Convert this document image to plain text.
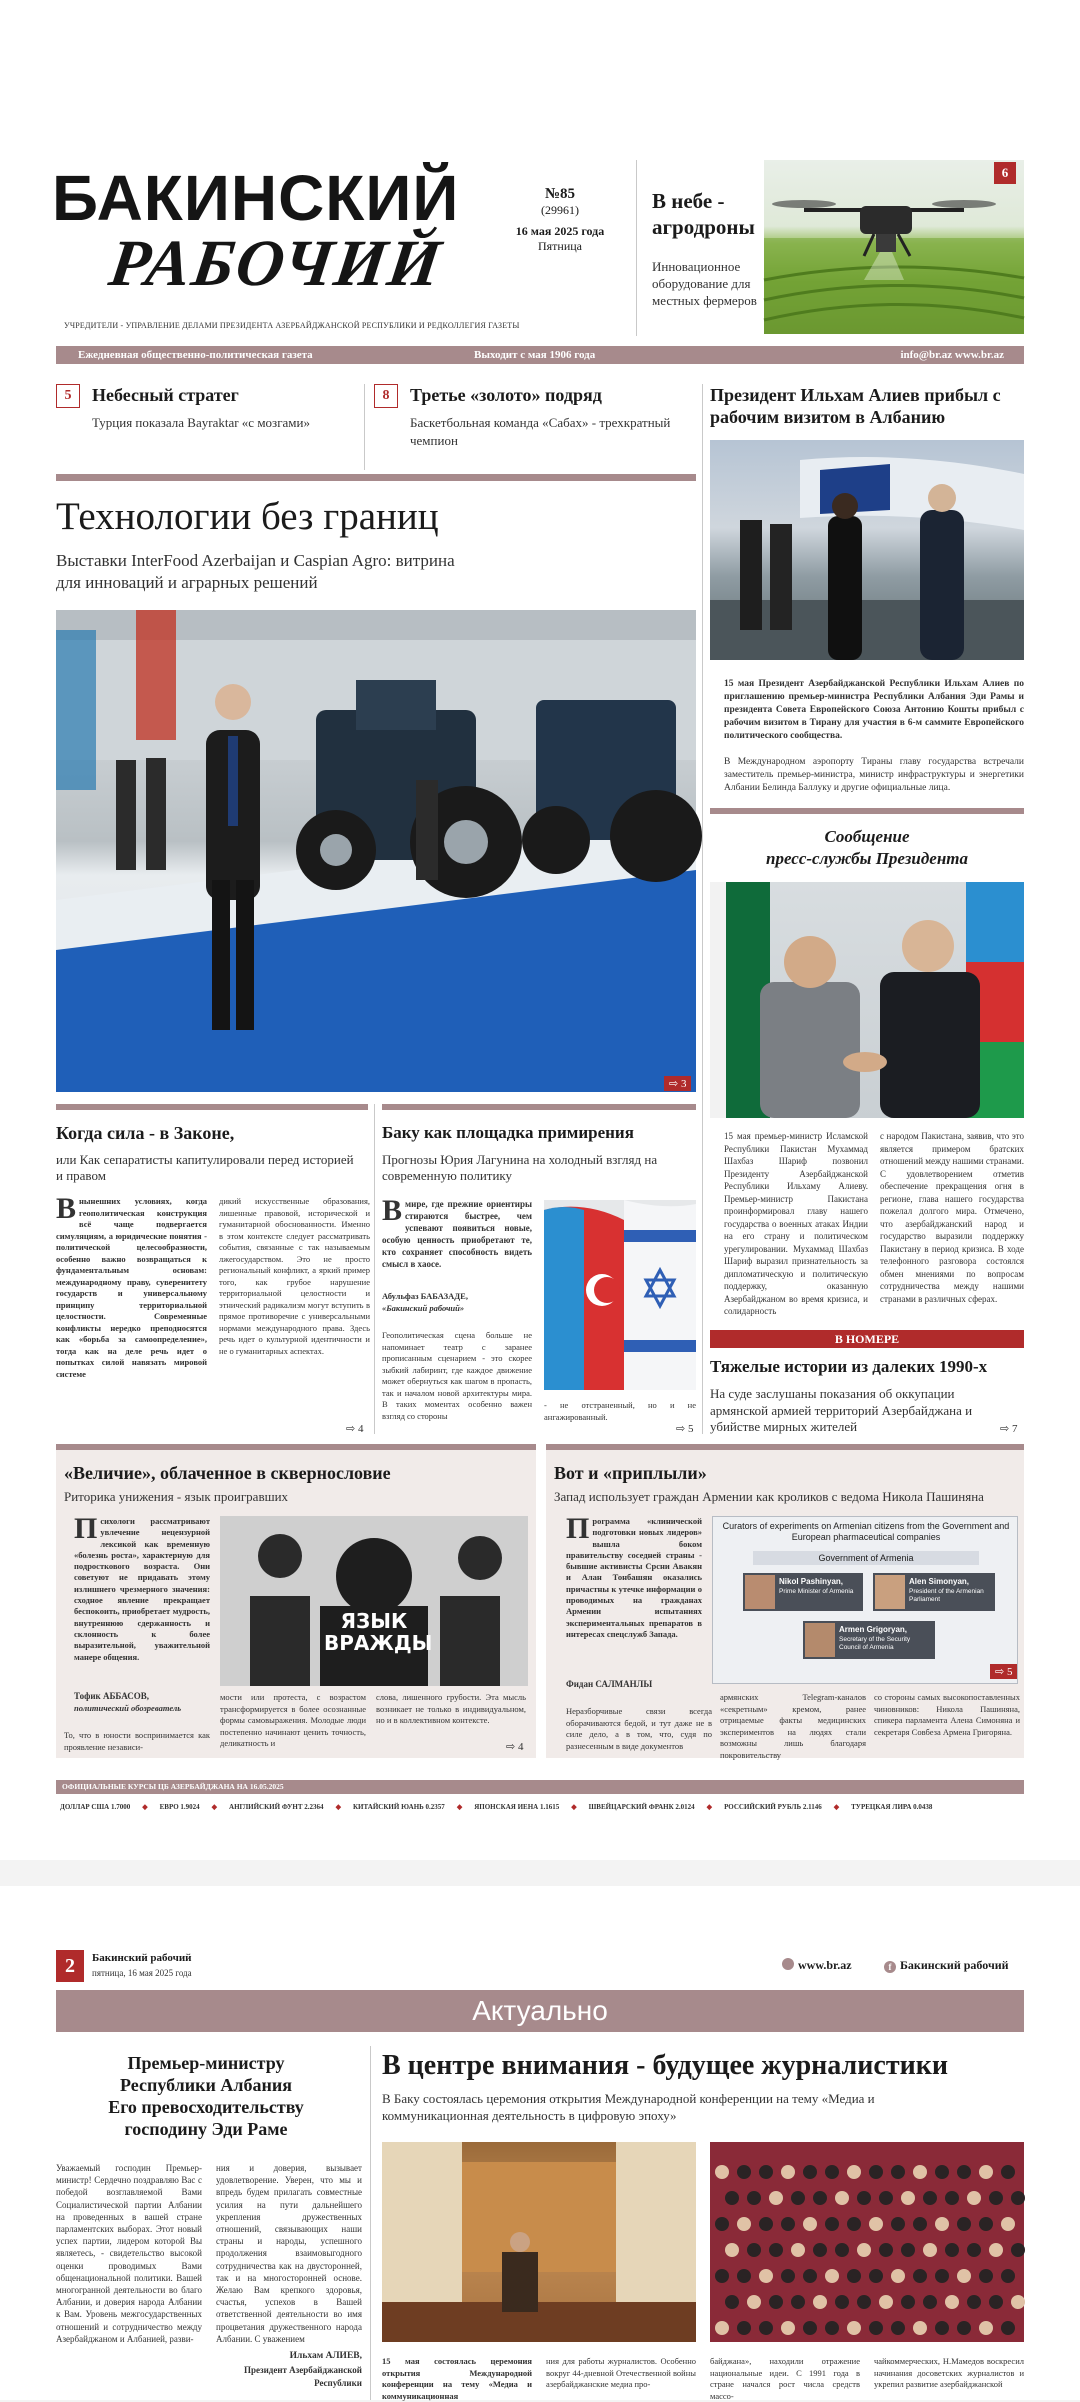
БАКИНСКИЙ
РАБОЧИЙ
№85
(29961)
16 мая 2025 года
Пятница
УЧРЕДИТЕЛИ - УПРАВЛЕНИЕ ДЕЛАМИ ПРЕЗИДЕНТА АЗЕРБАЙДЖАНСКОЙ РЕСПУБЛИКИ И РЕДКОЛЛЕГИЯ ГАЗЕТЫ
В небе - агродроны
Инновационное оборудование для местных фермеров
6
Ежедневная общественно-политическая газета	Выходит с мая 1906 года	info@br.az www.br.az
5	Небесный стратег
Турция показала Bayraktar «с мозгами»
8	Третье «золото» подряд
Баскетбольная команда «Сабах» - трехкратный чемпион
Технологии без границ
Выставки InterFood Azerbaijan и Caspian Agro: витрина для инноваций и аграрных решений
⇨ 3
Президент Ильхам Алиев прибыл с рабочим визитом в Албанию
15 мая Президент Азербайджанской Республики Ильхам Алиев по приглашению премьер-министра Республики Албания Эди Рамы и президента Совета Европейского Союза Антонию Кошты прибыл с рабочим визитом в Тирану для участия в 6-м саммите Европейского политического сообщества.
В Международном аэропорту Тираны главу государства встречали заместитель премьер-министра, министр инфраструктуры и энергетики Албании Белинда Баллуку и другие официальные лица.
Сообщение
пресс-службы Президента
15 мая премьер-министр Исламской Республики Пакистан Мухаммад Шахбаз Шариф позвонил Президенту Азербайджанской Республики Ильхаму Алиеву. Премьер-министр Пакистана проинформировал главу нашего государства о военных атаках Индии на его страну и политическом урегулировании. Мухаммад Шахбаз Шариф выразил признательность за дипломатическую и политическую поддержку, оказанную Азербайджаном во время кризиса, и солидарность
с народом Пакистана, заявив, что это является примером братских отношений между нашими странами. С удовлетворением отметив обеспечение прекращения огня в регионе, глава нашего государства пожелал долгого мира. Отмечено, что азербайджанский народ и государство выразили поддержку Пакистану в период кризиса. В ходе телефонного разговора состоялся обмен мнениями по вопросам сотрудничества между нашими странами в различных сферах.
В НОМЕРЕ
Тяжелые истории из далеких 1990-х
На суде заслушаны показания об оккупации армянской армией территорий Азербайджана и убийстве мирных жителей	⇨ 7
Когда сила - в Законе,
или Как сепаратисты капитулировали перед историей и правом
Внынешних условиях, когда геополитическая конструкция всё чаще подвергается симуляциям, а юридические понятия - политической целесообразности, особенно важно возвращаться к фундаментальным основам: международному праву, суверенитету государств и универсальному принципу территориальной целостности. Современные конфликты нередко преподносятся как «борьба за самоопределение», тогда как на деле речь идет о попытках силой навязать мировой системе
дикий искусственные образования, лишенные правовой, исторической и гуманитарной обоснованности. Именно в этом контексте следует рассматривать события, связанные с так называемым лжегосударством. Это не просто региональный конфликт, а яркий пример того, как грубое нарушение территориальной целостности и этнический радикализм могут вступить в прямое противоречие с универсальными нормами международного права. Здесь речь идет о культурной идентичности и не о гуманитарных аспектах.
⇨ 4
Баку как площадка примирения
Прогнозы Юрия Лагунина на холодный взгляд на современную политику
Вмире, где прежние ориентиры стираются быстрее, чем успевают появиться новые, особую ценность приобретают те, кто сохраняет способность видеть смысл в хаосе.
Абульфаз БАБАЗАДЕ,
«Бакинский рабочий»
Геополитическая сцена больше не напоминает театр с заранее прописанным сценарием - это скорее зыбкий лабиринт, где каждое движение может обернуться как шагом в пропасть, так и началом новой архитектуры мира. В таких моментах особенно важен взгляд со стороны
- не отстраненный, но и не ангажированный.
⇨ 5
«Величие», облаченное в сквернословие
Риторика унижения - язык проигравших
Психологи рассматривают увлечение нецензурной лексикой как временную «болезнь роста», характерную для подросткового возраста. Они советуют не придавать этому излишнего чрезмерного значения: сходное явление прекращает беспокоить, приобретает мудрость, внутреннюю сдержанность и склонность к более выразительной, уважительной манере общения.
ЯЗЫК
ВРАЖДЫ
Тофик АББАСОВ,
политический обозреватель
То, что в юности воспринимается как проявление независи-
мости или протеста, с возрастом трансформируется в более осознанные формы самовыражения. Молодые люди постепенно начинают ценить точность, деликатность и
слова, лишенного грубости. Эта мысль возникает не только в индивидуальном, но и в коллективном контексте.
⇨ 4
Вот и «приплыли»
Запад использует граждан Армении как кроликов с ведома Никола Пашиняна
Программа «клинической подготовки новых лидеров» вышла боком правительству соседней страны - бывшие активисты Срсни Авакян и Алан Тонбашян оказались причастны к утечке информации о проводимых на гражданах Армении испытаниях экспериментальных препаратов в интересах спецслужб Запада.
Фидан САЛМАНЛЫ
Curators of experiments on Armenian citizens from the Government and European pharmaceutical companies
Government of Armenia
Nikol Pashinyan,
Prime Minister of Armenia
Alen Simonyan,
President of the Armenian Parliament
Armen Grigoryan,
Secretary of the Security Council of Armenia
⇨ 5
Неразборчивые связи всегда оборачиваются бедой, и тут даже не в силе дело, а в том, что, судя по разнесенным в виде документов
армянских Telegram-каналов «секретным» кремом, ранее отрицаемые факты медицинских экспериментов на людях стали возможны лишь благодаря покровительству
со стороны самых высокопоставленных чиновников: Никола Пашиняна, спикера парламента Алена Симоняна и секретаря Совбеза Армена Григоряна.
ОФИЦИАЛЬНЫЕ КУРСЫ ЦБ АЗЕРБАЙДЖАНА НА 16.05.2025
ДОЛЛАР США 1.7000 ◆ ЕВРО 1.9024 ◆ АНГЛИЙСКИЙ ФУНТ 2.2364 ◆ КИТАЙСКИЙ ЮАНЬ 0.2357 ◆ ЯПОНСКАЯ ИЕНА 1.1615 ◆ ШВЕЙЦАРСКИЙ ФРАНК 2.0124 ◆ РОССИЙСКИЙ РУБЛЬ 2.1146 ◆ ТУРЕЦКАЯ ЛИРА 0.0438
2	Бакинский рабочий
пятница, 16 мая 2025 года
www.br.az	f Бакинский рабочий
Актуально
Премьер-министру
Республики Албания
Его превосходительству
господину Эди Раме
Уважаемый господин Премьер-министр! Сердечно поздравляю Вас с победой возглавляемой Вами Социалистической партии Албании на проведенных в вашей стране парламентских выборах. Этот новый успех партии, лидером которой Вы являетесь, - свидетельство высокой оценки проводимых Вами общенациональной политики. Вашей многогранной деятельности во благо Албании, и доверия народа Албании к Вам. Уровень межгосударственных отношений и сотрудничество между Азербайджаном и Албанией, разви-
ния и доверия, вызывает удовлетворение. Уверен, что мы и впредь будем прилагать совместные усилия на пути дальнейшего укрепления дружественных отношений, связывающих наши страны и народы, успешного продолжения взаимовыгодного сотрудничества как на двусторонней, так и на многосторонней основе. Желаю Вам крепкого здоровья, счастья, успехов в Вашей ответственной деятельности во имя процветания дружественного народа Албании. С уважением
Ильхам АЛИЕВ,
Президент Азербайджанской Республики
В центре внимания - будущее журналистики
В Баку состоялась церемония открытия Международной конференции на тему «Медиа и коммуникационная деятельность в цифровую эпоху»
15 мая состоялась церемония открытия Международной конференции на тему «Медиа и коммуникационная
ния для работы журналистов. Особенно вокруг 44-дневной Отечественной войны азербайджанские медиа про-
байджана», находили отражение национальные идеи. С 1991 года в стране начался рост числа средств массо-
чайкоммерческих, Н.Мамедов воскресил начинания досоветских журналистов и укрепил развитие азербайджанской
